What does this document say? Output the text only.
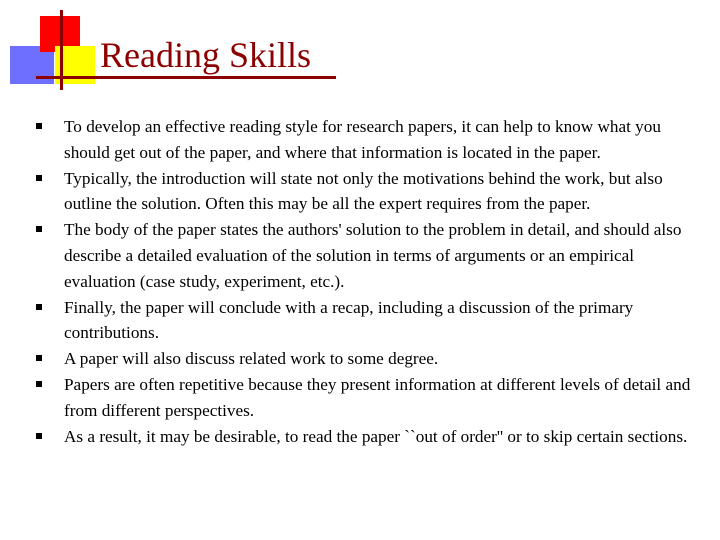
Reading Skills
To develop an effective reading style for research papers, it can help to know what you should get out of the paper, and where that information is located in the paper.
Typically, the introduction will state not only the motivations behind the work, but also outline the solution. Often this may be all the expert requires from the paper.
The body of the paper states the authors' solution to the problem in detail, and should also describe a detailed evaluation of the solution in terms of arguments or an empirical evaluation (case study, experiment, etc.).
Finally, the paper will conclude with a recap, including a discussion of the primary contributions.
A paper will also discuss related work to some degree.
Papers are often repetitive because they present information at different levels of detail and from different perspectives.
As a result, it may be desirable, to read the paper ``out of order'' or to skip certain sections.
